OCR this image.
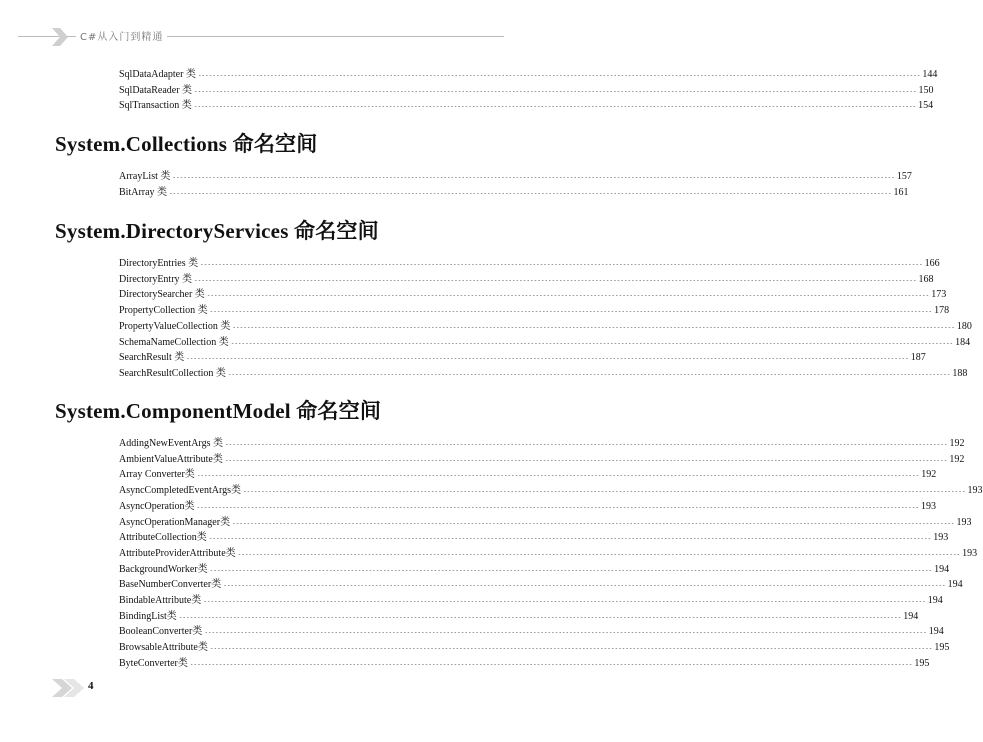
C#从入门到精通
SqlDataAdapter 类 -------------------------------------------------------------------------------------------------------------------------------------------------------------------------------------------------------- 144
SqlDataReader 类 -------------------------------------------------------------------------------------------------------------------------------------------------------------------------------------------------------- 150
SqlTransaction 类 -------------------------------------------------------------------------------------------------------------------------------------------------------------------------------------------------------- 154
System.Collections 命名空间
ArrayList 类 -------------------------------------------------------------------------------------------------------------------------------------------------------------------------------------------------------- 157
BitArray 类 -------------------------------------------------------------------------------------------------------------------------------------------------------------------------------------------------------- 161
System.DirectoryServices 命名空间
DirectoryEntries 类 -------------------------------------------------------------------------------------------------------------------------------------------------------------------------------------------------------- 166
DirectoryEntry 类 -------------------------------------------------------------------------------------------------------------------------------------------------------------------------------------------------------- 168
DirectorySearcher 类 -------------------------------------------------------------------------------------------------------------------------------------------------------------------------------------------------------- 173
PropertyCollection 类 -------------------------------------------------------------------------------------------------------------------------------------------------------------------------------------------------------- 178
PropertyValueCollection 类 -------------------------------------------------------------------------------------------------------------------------------------------------------------------------------------------------------- 180
SchemaNameCollection 类 -------------------------------------------------------------------------------------------------------------------------------------------------------------------------------------------------------- 184
SearchResult 类 -------------------------------------------------------------------------------------------------------------------------------------------------------------------------------------------------------- 187
SearchResultCollection 类 -------------------------------------------------------------------------------------------------------------------------------------------------------------------------------------------------------- 188
System.ComponentModel 命名空间
AddingNewEventArgs 类 -------------------------------------------------------------------------------------------------------------------------------------------------------------------------------------------------------- 192
AmbientValueAttribute类 -------------------------------------------------------------------------------------------------------------------------------------------------------------------------------------------------------- 192
Array Converter类 -------------------------------------------------------------------------------------------------------------------------------------------------------------------------------------------------------- 192
AsyncCompletedEventArgs类 -------------------------------------------------------------------------------------------------------------------------------------------------------------------------------------------------------- 193
AsyncOperation类 -------------------------------------------------------------------------------------------------------------------------------------------------------------------------------------------------------- 193
AsyncOperationManager类 -------------------------------------------------------------------------------------------------------------------------------------------------------------------------------------------------------- 193
AttributeCollection类 -------------------------------------------------------------------------------------------------------------------------------------------------------------------------------------------------------- 193
AttributeProviderAttribute类 -------------------------------------------------------------------------------------------------------------------------------------------------------------------------------------------------------- 193
BackgroundWorker类 -------------------------------------------------------------------------------------------------------------------------------------------------------------------------------------------------------- 194
BaseNumberConverter类 -------------------------------------------------------------------------------------------------------------------------------------------------------------------------------------------------------- 194
BindableAttribute类 -------------------------------------------------------------------------------------------------------------------------------------------------------------------------------------------------------- 194
BindingList类 -------------------------------------------------------------------------------------------------------------------------------------------------------------------------------------------------------- 194
BooleanConverter类 -------------------------------------------------------------------------------------------------------------------------------------------------------------------------------------------------------- 194
BrowsableAttribute类 -------------------------------------------------------------------------------------------------------------------------------------------------------------------------------------------------------- 195
ByteConverter类 -------------------------------------------------------------------------------------------------------------------------------------------------------------------------------------------------------- 195
4
